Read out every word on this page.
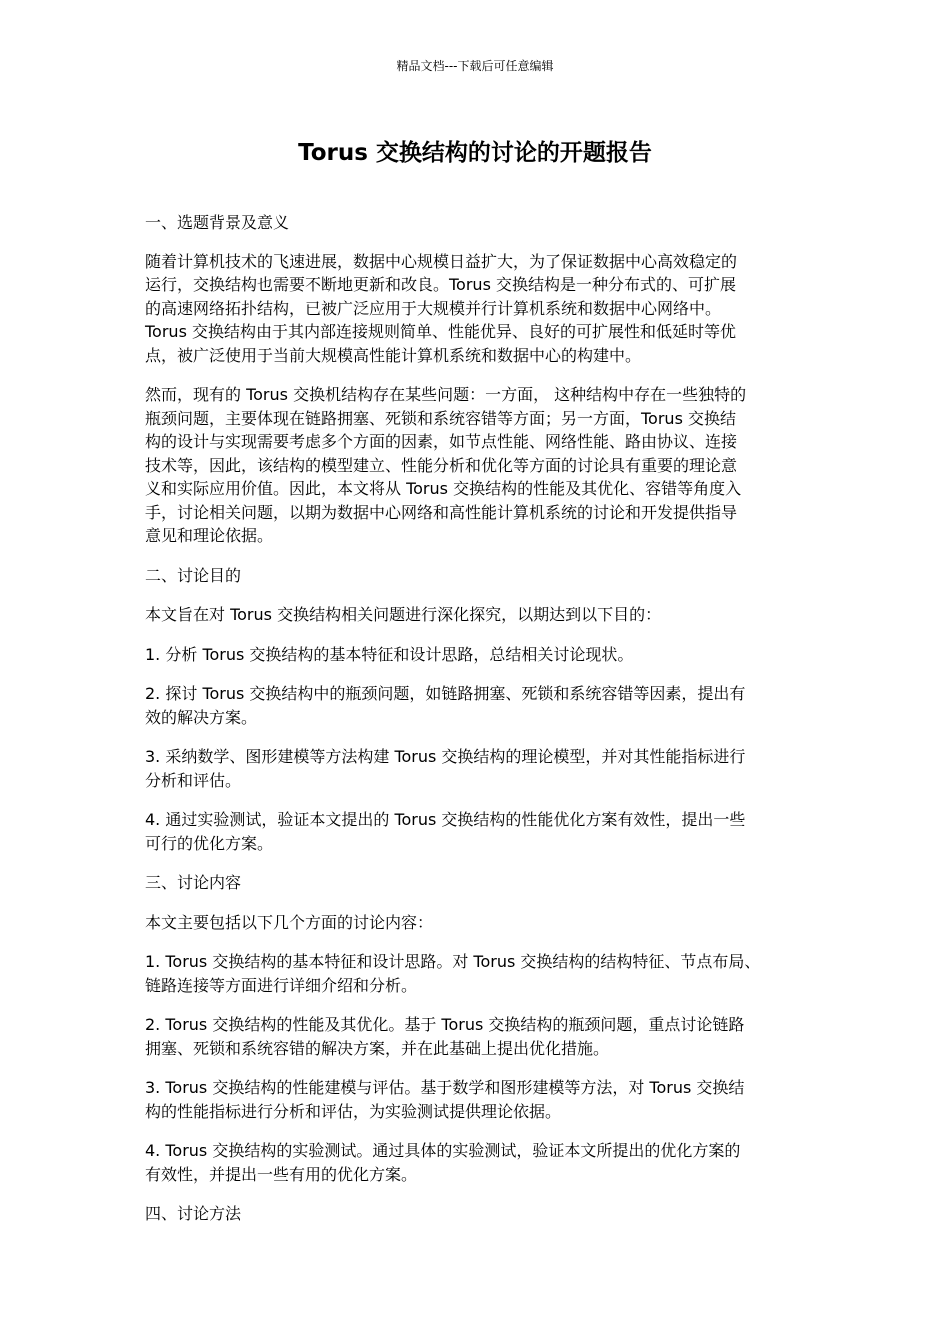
精品文档---下载后可任意编辑
Torus 交换结构的讨论的开题报告

一、选题背景及意义

随着计算机技术的飞速进展，数据中心规模日益扩大，为了保证数据中心高效稳定的
运行，交换结构也需要不断地更新和改良。Torus 交换结构是一种分布式的、可扩展
的高速网络拓扑结构，已被广泛应用于大规模并行计算机系统和数据中心网络中。
Torus 交换结构由于其内部连接规则简单、性能优异、良好的可扩展性和低延时等优
点，被广泛使用于当前大规模高性能计算机系统和数据中心的构建中。

然而，现有的 Torus 交换机结构存在某些问题：一方面， 这种结构中存在一些独特的
瓶颈问题，主要体现在链路拥塞、死锁和系统容错等方面；另一方面，Torus 交换结
构的设计与实现需要考虑多个方面的因素，如节点性能、网络性能、路由协议、连接
技术等，因此，该结构的模型建立、性能分析和优化等方面的讨论具有重要的理论意
义和实际应用价值。因此，本文将从 Torus 交换结构的性能及其优化、容错等角度入
手，讨论相关问题，以期为数据中心网络和高性能计算机系统的讨论和开发提供指导
意见和理论依据。

二、讨论目的

本文旨在对 Torus 交换结构相关问题进行深化探究，以期达到以下目的：

1. 分析 Torus 交换结构的基本特征和设计思路，总结相关讨论现状。

2. 探讨 Torus 交换结构中的瓶颈问题，如链路拥塞、死锁和系统容错等因素，提出有
效的解决方案。

3. 采纳数学、图形建模等方法构建 Torus 交换结构的理论模型，并对其性能指标进行
分析和评估。

4. 通过实验测试，验证本文提出的 Torus 交换结构的性能优化方案有效性，提出一些
可行的优化方案。

三、讨论内容

本文主要包括以下几个方面的讨论内容：

1. Torus 交换结构的基本特征和设计思路。对 Torus 交换结构的结构特征、节点布局、
链路连接等方面进行详细介绍和分析。

2. Torus 交换结构的性能及其优化。基于 Torus 交换结构的瓶颈问题，重点讨论链路
拥塞、死锁和系统容错的解决方案，并在此基础上提出优化措施。

3. Torus 交换结构的性能建模与评估。基于数学和图形建模等方法，对 Torus 交换结
构的性能指标进行分析和评估，为实验测试提供理论依据。

4. Torus 交换结构的实验测试。通过具体的实验测试，验证本文所提出的优化方案的
有效性，并提出一些有用的优化方案。

四、讨论方法
